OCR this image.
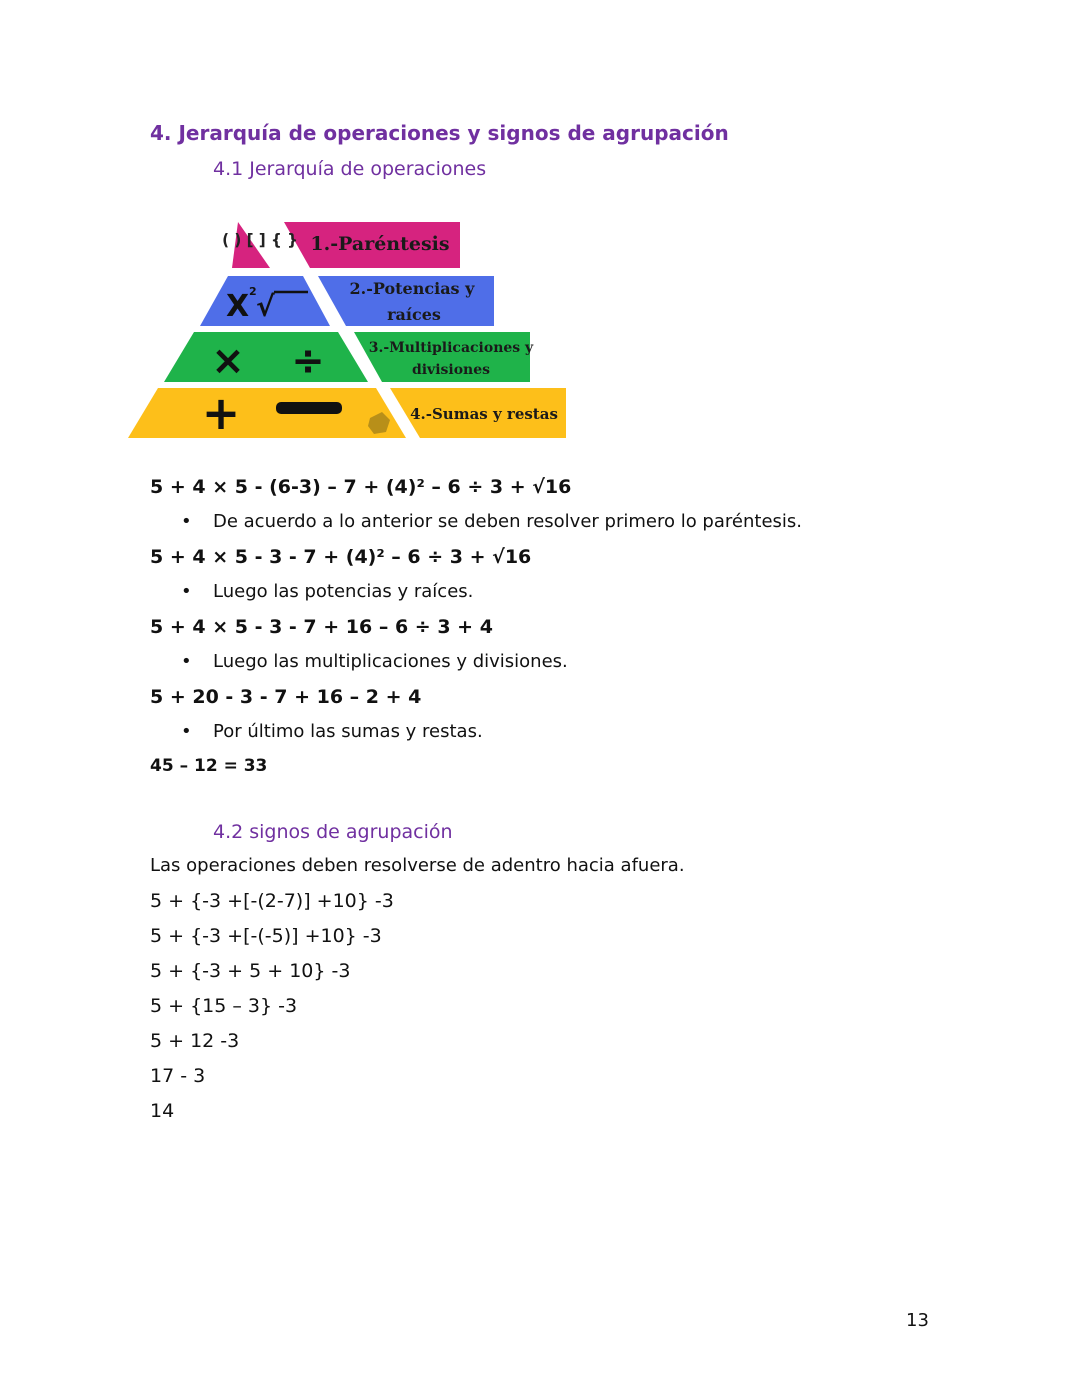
4. Jerarquía de operaciones y signos de agrupación
4.1 Jerarquía de operaciones
( ) [ ] { } 1.-Paréntesis
X 2 √
2.-Potencias y
raíces
× ÷	3.-Multiplicaciones y
divisiones
+	4.-Sumas y restas
5 + 4 × 5 - (6-3) – 7 + (4)² – 6 ÷ 3 + √16
• De acuerdo a lo anterior se deben resolver primero lo paréntesis.
5 + 4 × 5 - 3 - 7 + (4)² – 6 ÷ 3 + √16
• Luego las potencias y raíces.
5 + 4 × 5 - 3 - 7 + 16 – 6 ÷ 3 + 4
• Luego las multiplicaciones y divisiones.
5 + 20 - 3 - 7 + 16 – 2 + 4
• Por último las sumas y restas.
45 – 12 = 33
4.2 signos de agrupación
Las operaciones deben resolverse de adentro hacia afuera.
5 + {-3 +[-(2-7)] +10} -3
5 + {-3 +[-(-5)] +10} -3
5 + {-3 + 5 + 10} -3
5 + {15 – 3} -3
5 + 12 -3
17 - 3
14
13
